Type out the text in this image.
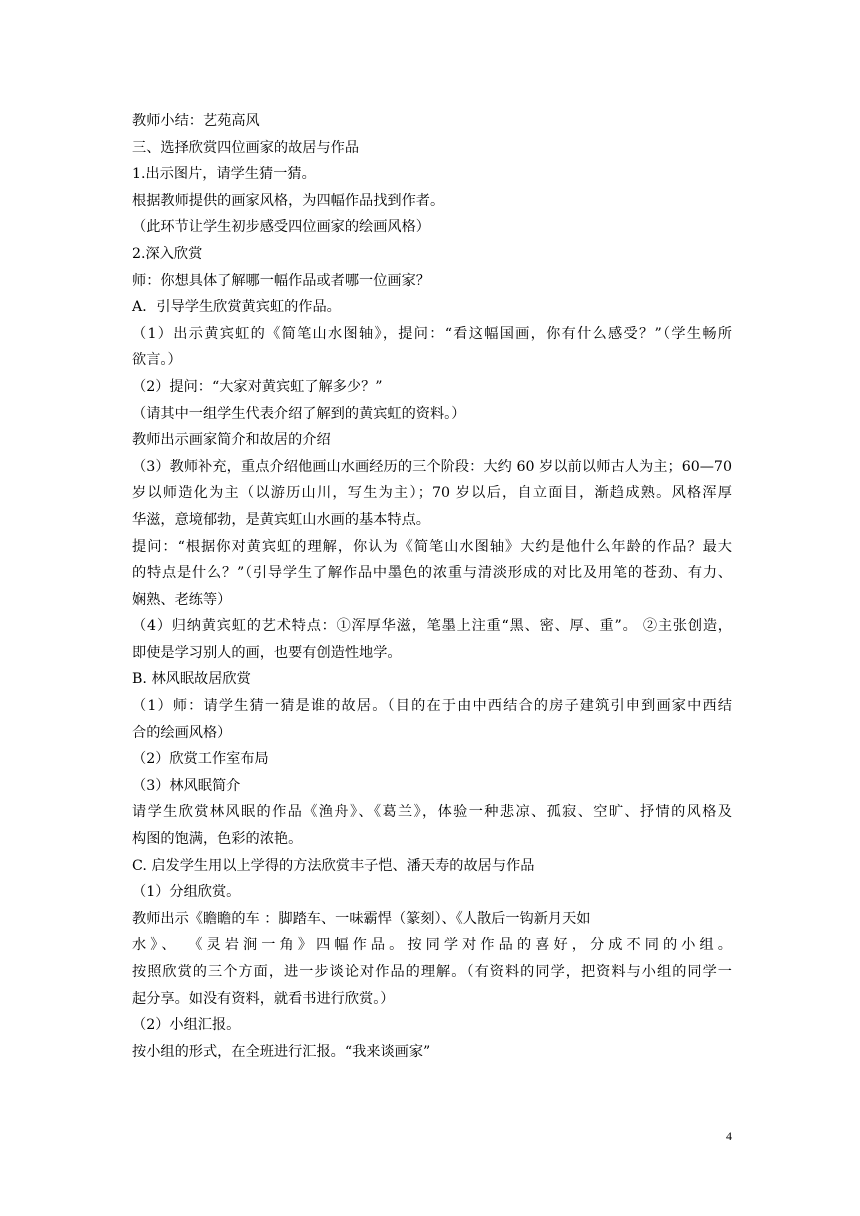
教师小结：艺苑高风
三、选择欣赏四位画家的故居与作品
1.出示图片，请学生猜一猜。
根据教师提供的画家风格，为四幅作品找到作者。
（此环节让学生初步感受四位画家的绘画风格）
2.深入欣赏
师：你想具体了解哪一幅作品或者哪一位画家？
A．引导学生欣赏黄宾虹的作品。
（1）出示黄宾虹的《简笔山水图轴》，提问：“看这幅国画，你有什么感受？”（学生畅所
欲言。）
（2）提问：“大家对黄宾虹了解多少？”
（请其中一组学生代表介绍了解到的黄宾虹的资料。）
教师出示画家简介和故居的介绍
（3）教师补充，重点介绍他画山水画经历的三个阶段：大约 60 岁以前以师古人为主；60—70
岁以师造化为主（以游历山川，写生为主）；70 岁以后，自立面目，渐趋成熟。风格浑厚
华滋，意境郁勃，是黄宾虹山水画的基本特点。
提问：“根据你对黄宾虹的理解，你认为《简笔山水图轴》大约是他什么年龄的作品？最大
的特点是什么？”（引导学生了解作品中墨色的浓重与清淡形成的对比及用笔的苍劲、有力、
娴熟、老练等）
（4）归纳黄宾虹的艺术特点：①浑厚华滋，笔墨上注重“黑、密、厚、重”。 ②主张创造，
即使是学习别人的画，也要有创造性地学。
B. 林风眠故居欣赏
（1）师：请学生猜一猜是谁的故居。（目的在于由中西结合的房子建筑引申到画家中西结
合的绘画风格）
（2）欣赏工作室布局
（3）林风眠简介
请学生欣赏林风眠的作品《渔舟》、《葛兰》，体验一种悲凉、孤寂、空旷、抒情的风格及
构图的饱满，色彩的浓艳。
C. 启发学生用以上学得的方法欣赏丰子恺、潘天寿的故居与作品
（1）分组欣赏。
教师出示《瞻瞻的车 ：脚踏车、一味霸悍（篆刻）、《人散后一钩新月天如
水》、 《灵岩涧一角》四幅作品。按同学对作品的喜好，分成不同的小组。
按照欣赏的三个方面，进一步谈论对作品的理解。（有资料的同学，把资料与小组的同学一
起分享。如没有资料，就看书进行欣赏。）
（2）小组汇报。
按小组的形式，在全班进行汇报。“我来谈画家”
4
